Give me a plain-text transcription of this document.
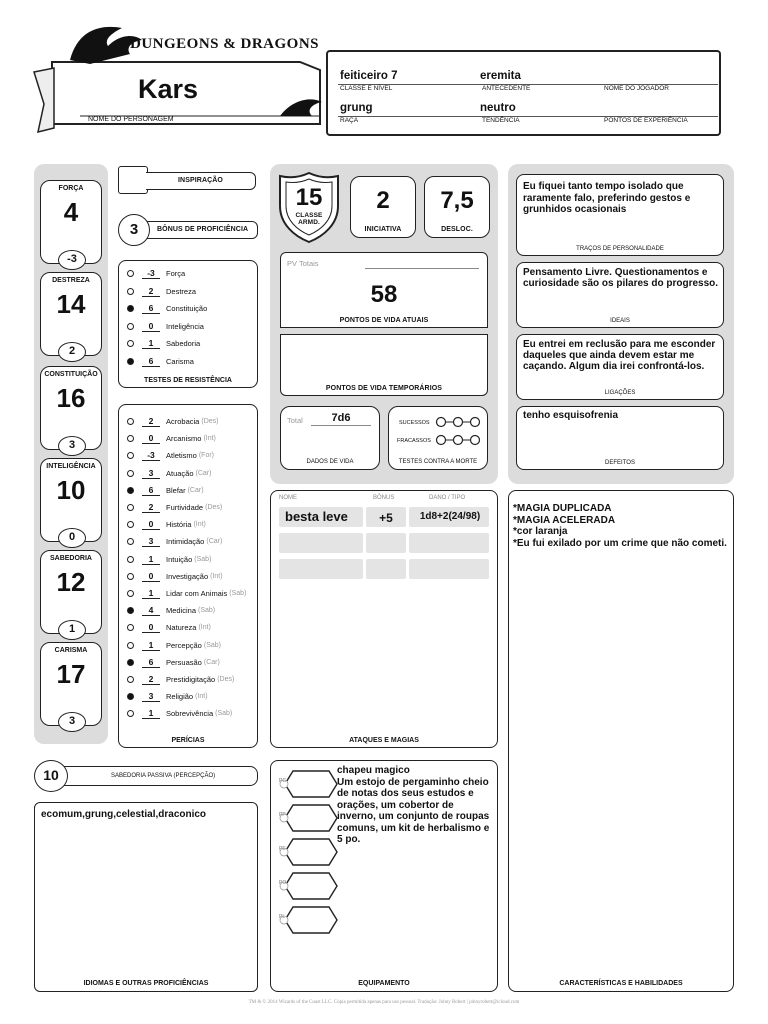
DUNGEONS & DRAGONS
Kars
NOME DO PERSONAGEM
feiticeiro 7
CLASSE E NÍVEL
eremita
ANTECEDENTE	NOME DO JOGADOR
grung
RAÇA
neutro
TENDÊNCIA	PONTOS DE EXPERIÊNCIA
FORÇA
4
-3
DESTREZA
14
2
CONSTITUIÇÃO
16
3
INTELIGÊNCIA
10
0
SABEDORIA
12
1
CARISMA
17
3
INSPIRAÇÃO
BÔNUS DE PROFICIÊNCIA
3
-3	Força
2	Destreza
6	Constituição
0	Inteligência
1	Sabedoria
6	Carisma
TESTES DE RESISTÊNCIA
2	Acrobacia (Des)
0	Arcanismo (Int)
-3	Atletismo (For)
3	Atuação (Car)
6	Blefar (Car)
2	Furtividade (Des)
0	História (Int)
3	Intimidação (Car)
1	Intuição (Sab)
0	Investigação (Int)
1	Lidar com Animais (Sab)
4	Medicina (Sab)
0	Natureza (Int)
1	Percepção (Sab)
6	Persuasão (Car)
2	Prestidigitação (Des)
3	Religião (Int)
1	Sobrevivência (Sab)
PERÍCIAS
SABEDORIA PASSIVA (PERCEPÇÃO)
10
ecomum,grung,celestial,draconico
IDIOMAS E OUTRAS PROFICIÊNCIAS
15
CLASSE ARMD.
2
INICIATIVA
7,5
DESLOC.
PV Totais
58
PONTOS DE VIDA ATUAIS
PONTOS DE VIDA TEMPORÁRIOS
Total	7d6
DADOS DE VIDA
SUCESSOS
FRACASSOS
TESTES CONTRA A MORTE
NOME	BÔNUS	DANO / TIPO
besta leve	+5	1d8+2(24/98)
ATAQUES E MAGIAS
PC
PP
PE
PO
PL
chapeu magico
Um estojo de pergaminho cheio de notas dos seus estudos e orações, um cobertor de inverno, um conjunto de roupas comuns, um kit de herbalismo e 5 po.
EQUIPAMENTO
Eu fiquei tanto tempo isolado que raramente falo, preferindo gestos e grunhidos ocasionais
TRAÇOS DE PERSONALIDADE
Pensamento Livre. Questionamentos e curiosidade são os pilares do progresso.
IDEAIS
Eu entrei em reclusão para me esconder daqueles que ainda devem estar me caçando. Algum dia irei confrontá-los.
LIGAÇÕES
tenho esquisofrenia
DEFEITOS
*MAGIA DUPLICADA
*MAGIA ACELERADA
*cor laranja
*Eu fui exilado por um crime que não cometi.
CARACTERÍSTICAS E HABILIDADES
TM & © 2014 Wizards of the Coast LLC. Cópia permitida apenas para uso pessoal. Tradução: Johny Robert | johnyrobert@icloud.com
